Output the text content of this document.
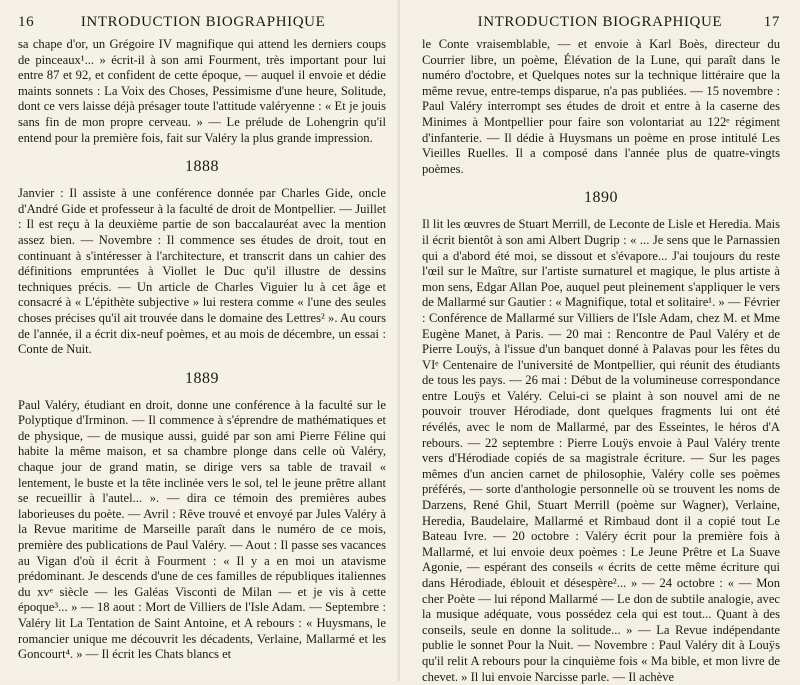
16	INTRODUCTION BIOGRAPHIQUE

sa chape d'or, un Grégoire IV magnifique qui attend les derniers coups de pinceaux¹... » écrit-il à son ami Fourment, très important pour lui entre 87 et 92, et confident de cette époque, — auquel il envoie et dédie maints sonnets : La Voix des Choses, Pessimisme d'une heure, Solitude, dont ce vers laisse déjà présager toute l'attitude valéryenne : « Et je jouis sans fin de mon propre cerveau. » — Le prélude de Lohengrin qu'il entend pour la première fois, fait sur Valéry la plus grande impression.

1888

Janvier : Il assiste à une conférence donnée par Charles Gide, oncle d'André Gide et professeur à la faculté de droit de Montpellier. — Juillet : Il est reçu à la deuxième partie de son baccalauréat avec la mention assez bien. — Novembre : Il commence ses études de droit, tout en continuant à s'intéresser à l'architecture, et transcrit dans un cahier des définitions empruntées à Viollet le Duc qu'il illustre de dessins techniques précis. — Un article de Charles Viguier lu à cet âge et consacré à « L'épithète subjective » lui restera comme « l'une des seules choses précises qu'il ait trouvée dans le domaine des Lettres² ». Au cours de l'année, il a écrit dix-neuf poèmes, et au mois de décembre, un essai : Conte de Nuit.

1889

Paul Valéry, étudiant en droit, donne une conférence à la faculté sur le Polyptique d'Irminon. — Il commence à s'éprendre de mathématiques et de physique, — de musique aussi, guidé par son ami Pierre Féline qui habite la même maison, et sa chambre plonge dans celle où Valéry, chaque jour de grand matin, se dirige vers sa table de travail « lentement, le buste et la tête inclinée vers le sol, tel le jeune prêtre allant se recueillir à l'autel... ». — dira ce témoin des premières aubes laborieuses du poète. — Avril : Rêve trouvé et envoyé par Jules Valéry à la Revue maritime de Marseille paraît dans le numéro de ce mois, première des publications de Paul Valéry. — Aout : Il passe ses vacances au Vigan d'où il écrit à Fourment : « Il y a en moi un atavisme prédominant. Je descends d'une de ces familles de républiques italiennes du xvᵉ siècle — les Galéas Visconti de Milan — et je vis à cette époque³... » — 18 aout : Mort de Villiers de l'Isle Adam. — Septembre : Valéry lit La Tentation de Saint Antoine, et A rebours : « Huysmans, le romancier unique me découvrit les décadents, Verlaine, Mallarmé et les Goncourt⁴. » — Il écrit les Chats blancs et

INTRODUCTION BIOGRAPHIQUE	17

le Conte vraisemblable, — et envoie à Karl Boès, directeur du Courrier libre, un poème, Élévation de la Lune, qui paraît dans le numéro d'octobre, et Quelques notes sur la technique littéraire que la même revue, entre-temps disparue, n'a pas publiées. — 15 novembre : Paul Valéry interrompt ses études de droit et entre à la caserne des Minimes à Montpellier pour faire son volontariat au 122ᵉ régiment d'infanterie. — Il dédie à Huysmans un poème en prose intitulé Les Vieilles Ruelles. Il a composé dans l'année plus de quatre-vingts poèmes.

1890

Il lit les œuvres de Stuart Merrill, de Leconte de Lisle et Heredia. Mais il écrit bientôt à son ami Albert Dugrip : « ... Je sens que le Parnassien qui a d'abord été moi, se dissout et s'évapore... J'ai toujours du reste l'œil sur le Maître, sur l'artiste surnaturel et magique, le plus artiste à mon sens, Edgar Allan Poe, auquel peut pleinement s'appliquer le vers de Mallarmé sur Gautier : « Magnifique, total et solitaire¹. » — Février : Conférence de Mallarmé sur Villiers de l'Isle Adam, chez M. et Mme Eugène Manet, à Paris. — 20 mai : Rencontre de Paul Valéry et de Pierre Louÿs, à l'issue d'un banquet donné à Palavas pour les fêtes du VIᵉ Centenaire de l'université de Montpellier, qui réunit des étudiants de tous les pays. — 26 mai : Début de la volumineuse correspondance entre Louÿs et Valéry. Celui-ci se plaint à son nouvel ami de ne pouvoir trouver Hérodiade, dont quelques fragments lui ont été révélés, avec le nom de Mallarmé, par des Esseintes, le héros d'A rebours. — 22 septembre : Pierre Louÿs envoie à Paul Valéry trente vers d'Hérodiade copiés de sa magistrale écriture. — Sur les pages mêmes d'un ancien carnet de philosophie, Valéry colle ses poèmes préférés, — sorte d'anthologie personnelle où se trouvent les noms de Darzens, René Ghil, Stuart Merrill (poème sur Wagner), Verlaine, Heredia, Baudelaire, Mallarmé et Rimbaud dont il a copié tout Le Bateau Ivre. — 20 octobre : Valéry écrit pour la première fois à Mallarmé, et lui envoie deux poèmes : Le Jeune Prêtre et La Suave Agonie, — espérant des conseils « écrits de cette même écriture qui dans Hérodiade, éblouit et désespère²... » — 24 octobre : « — Mon cher Poète — lui répond Mallarmé — Le don de subtile analogie, avec la musique adéquate, vous possédez cela qui est tout... Quant à des conseils, seule en donne la solitude... » — La Revue indépendante publie le sonnet Pour la Nuit. — Novembre : Paul Valéry dit à Louÿs qu'il relit A rebours pour la cinquième fois « Ma bible, et mon livre de chevet. » Il lui envoie Narcisse parle. — Il achève
